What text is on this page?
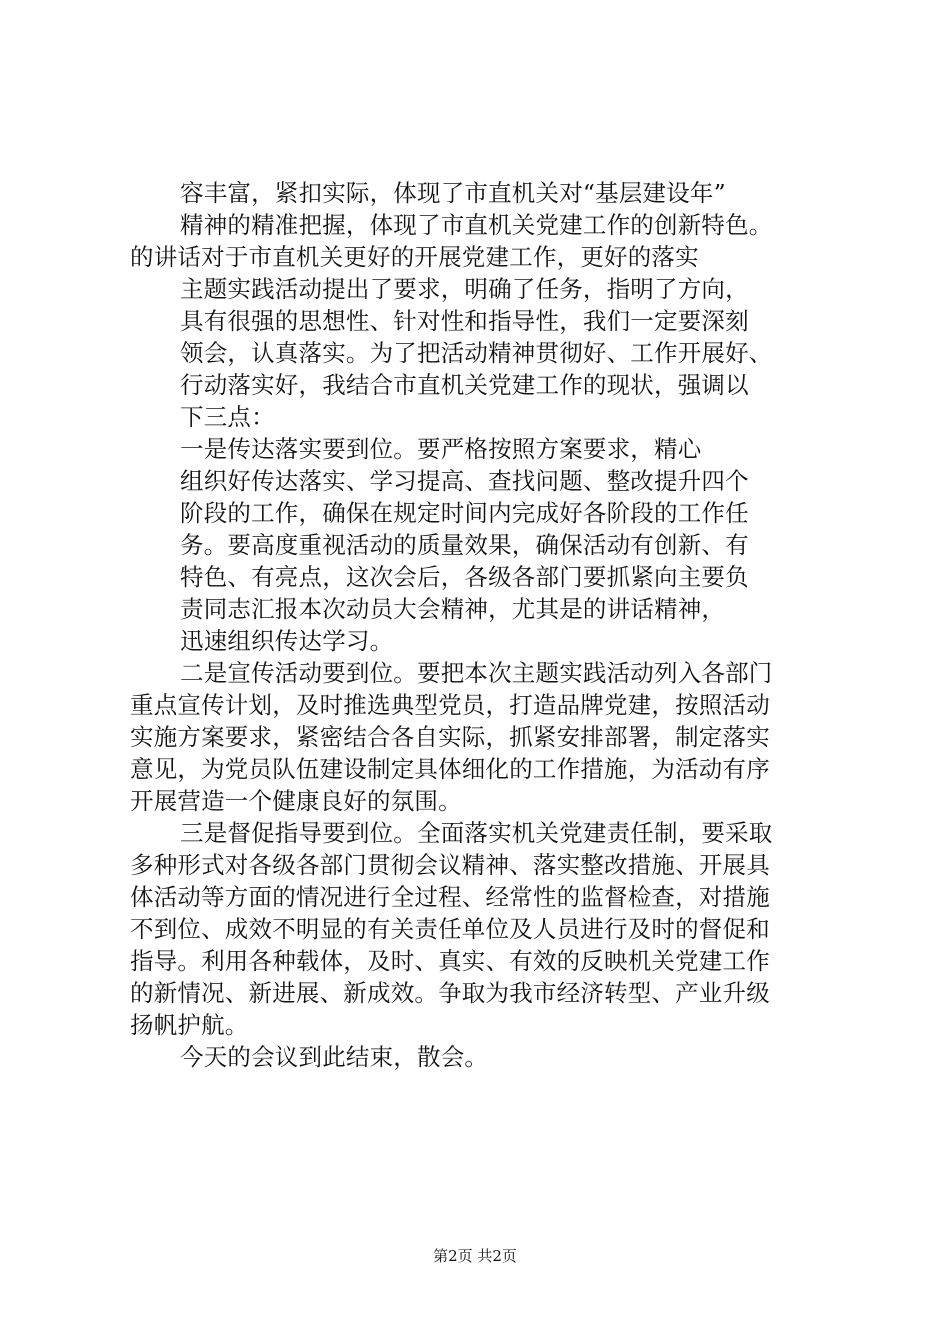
容丰富，紧扣实际，体现了市直机关对“基层建设年”
精神的精准把握，体现了市直机关党建工作的创新特色。
的讲话对于市直机关更好的开展党建工作，更好的落实
主题实践活动提出了要求，明确了任务，指明了方向，
具有很强的思想性、针对性和指导性，我们一定要深刻
领会，认真落实。为了把活动精神贯彻好、工作开展好、
行动落实好，我结合市直机关党建工作的现状，强调以
下三点：
一是传达落实要到位。要严格按照方案要求，精心
组织好传达落实、学习提高、查找问题、整改提升四个
阶段的工作，确保在规定时间内完成好各阶段的工作任
务。要高度重视活动的质量效果，确保活动有创新、有
特色、有亮点，这次会后，各级各部门要抓紧向主要负
责同志汇报本次动员大会精神，尤其是的讲话精神，
迅速组织传达学习。
二是宣传活动要到位。要把本次主题实践活动列入各部门
重点宣传计划，及时推选典型党员，打造品牌党建，按照活动
实施方案要求，紧密结合各自实际，抓紧安排部署，制定落实
意见，为党员队伍建设制定具体细化的工作措施，为活动有序
开展营造一个健康良好的氛围。
三是督促指导要到位。全面落实机关党建责任制，要采取
多种形式对各级各部门贯彻会议精神、落实整改措施、开展具
体活动等方面的情况进行全过程、经常性的监督检查，对措施
不到位、成效不明显的有关责任单位及人员进行及时的督促和
指导。利用各种载体，及时、真实、有效的反映机关党建工作
的新情况、新进展、新成效。争取为我市经济转型、产业升级
扬帆护航。
今天的会议到此结束，散会。
第2页 共2页
